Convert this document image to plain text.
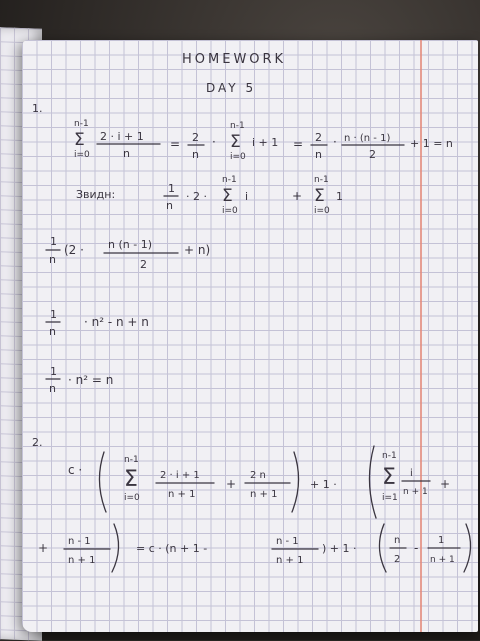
HOMEWORK
DAY 5
1.
n-1
Σ
i=0
2 · i + 1
n
= 2
n
·
n-1
Σ
i=0
i + 1 = 2
n
· n · (n - 1)
2
+ 1 = n
Звидн:	1
n
· 2 ·
n-1
Σ
i=0
i	+
n-1
Σ
i=0
1
1
n
(2 · n (n - 1)
2
+ n)
1
n
· n² - n + n
1
n
· n² = n
2.
c ·
n-1
Σ
i=0
2 · i + 1
n + 1
+
2 n
n + 1
+ 1 ·
n-1
Σ
i=1
i
n + 1
+
+ n - 1
n + 1
= c · (n + 1 -
n - 1
n + 1
) + 1 ·
n
2
-
1
n + 1
